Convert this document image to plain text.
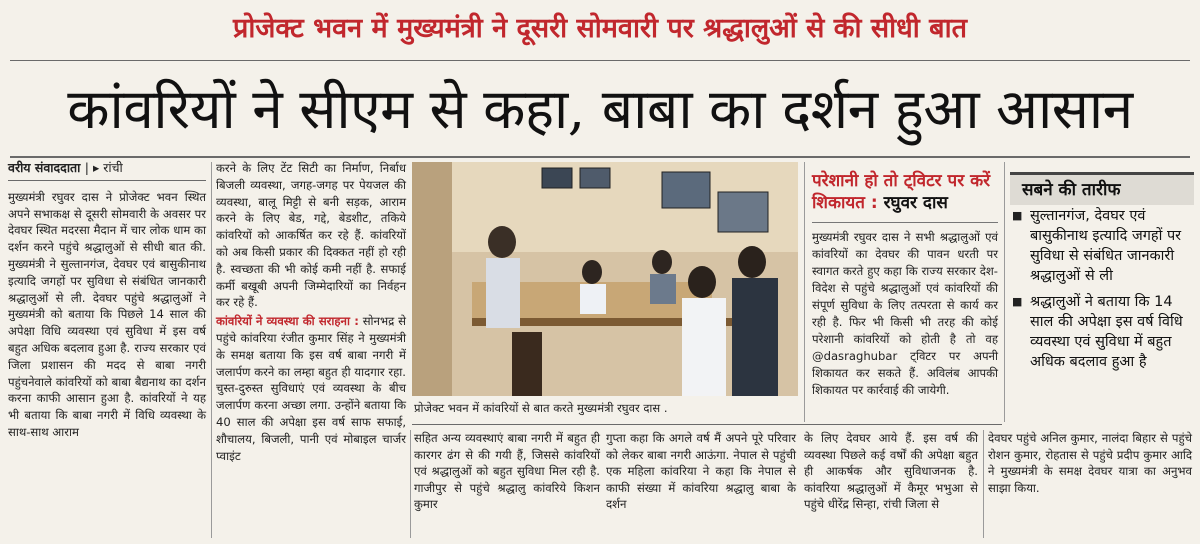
प्रोजेक्ट भवन में मुख्यमंत्री ने दूसरी सोमवारी पर श्रद्धालुओं से की सीधी बात
कांवरियों ने सीएम से कहा, बाबा का दर्शन हुआ आसान
वरीय संवाददाता | ▸ रांची

मुख्यमंत्री रघुवर दास ने प्रोजेक्ट भवन स्थित अपने सभाकक्ष से दूसरी सोमवारी के अवसर पर देवघर स्थित मदरसा मैदान में चार लोक धाम का दर्शन करने पहुंचे श्रद्धालुओं से सीधी बात की. मुख्यमंत्री ने सुल्तानगंज, देवघर एवं बासुकीनाथ इत्यादि जगहों पर सुविधा से संबंधित जानकारी श्रद्धालुओं से ली. देवघर पहुंचे श्रद्धालुओं ने मुख्यमंत्री को बताया कि पिछले 14 साल की अपेक्षा विधि व्यवस्था एवं सुविधा में इस वर्ष बहुत अधिक बदलाव हुआ है. राज्य सरकार एवं जिला प्रशासन की मदद से बाबा नगरी पहुंचनेवाले कांवरियों को बाबा बैद्यनाथ का दर्शन करना काफी आसान हुआ है. कांवरियों ने यह भी बताया कि बाबा नगरी में विधि व्यवस्था के साथ-साथ आराम

करने के लिए टेंट सिटी का निर्माण, निर्बाध बिजली व्यवस्था, जगह-जगह पर पेयजल की व्यवस्था, बालू मिट्टी से बनी सड़क, आराम करने के लिए बेड, गद्दे, बेडशीट, तकिये कांवरियों को आकर्षित कर रहे हैं. कांवरियों को अब किसी प्रकार की दिक्कत नहीं हो रही है. स्वच्छता की भी कोई कमी नहीं है. सफाई कर्मी बखूबी अपनी जिम्मेदारियों का निर्वहन कर रहे हैं.

कांवरियों ने व्यवस्था की सराहना : सोनभद्र से पहुंचे कांवरिया रंजीत कुमार सिंह ने मुख्यमंत्री के समक्ष बताया कि इस वर्ष बाबा नगरी में जलार्पण करने का लम्हा बहुत ही यादगार रहा. चुस्त-दुरुस्त सुविधाएं एवं व्यवस्था के बीच जलार्पण करना अच्छा लगा. उन्होंने बताया कि 40 साल की अपेक्षा इस वर्ष साफ सफाई, शौचालय, बिजली, पानी एवं मोबाइल चार्जर प्वाइंट

प्रोजेक्ट भवन में कांवरियों से बात करते मुख्यमंत्री रघुवर दास .
सहित अन्य व्यवस्थाएं बाबा नगरी में बहुत ही कारगर ढंग से की गयी हैं, जिससे कांवरियों एवं श्रद्धालुओं को बहुत सुविधा मिल रही है. गाजीपुर से पहुंचे श्रद्धालु कांवरिये किशन कुमार
गुप्ता कहा कि अगले वर्ष मैं अपने पूरे परिवार को लेकर बाबा नगरी आऊंगा. नेपाल से पहुंची एक महिला कांवरिया ने कहा कि नेपाल से काफी संख्या में कांवरिया श्रद्धालु बाबा के दर्शन
के लिए देवघर आये हैं. इस वर्ष की व्यवस्था पिछले कई वर्षों की अपेक्षा बहुत ही आकर्षक और सुविधाजनक है. कांवरिया श्रद्धालुओं में कैमूर भभुआ से पहुंचे धीरेंद्र सिन्हा, रांची जिला से
देवघर पहुंचे अनिल कुमार, नालंदा बिहार से पहुंचे रोशन कुमार, रोहतास से पहुंचे प्रदीप कुमार आदि ने मुख्यमंत्री के समक्ष देवघर यात्रा का अनुभव साझा किया.
परेशानी हो तो ट्विटर पर करें
शिकायत : रघुवर दास
मुख्यमंत्री रघुवर दास ने सभी श्रद्धालुओं एवं कांवरियों का देवघर की पावन धरती पर स्वागत करते हुए कहा कि राज्य सरकार देश-विदेश से पहुंचे श्रद्धालुओं एवं कांवरियों की संपूर्ण सुविधा के लिए तत्परता से कार्य कर रही है. फिर भी किसी भी तरह की कोई परेशानी कांवरियों को होती है तो वह @dasraghubar ट्विटर पर अपनी शिकायत कर सकते हैं. अविलंब आपकी शिकायत पर कार्रवाई की जायेगी.
सबने की तारीफ
■ सुल्तानगंज, देवघर एवं बासुकीनाथ इत्यादि जगहों पर सुविधा से संबंधित जानकारी श्रद्धालुओं से ली
■ श्रद्धालुओं ने बताया कि 14 साल की अपेक्षा इस वर्ष विधि व्यवस्था एवं सुविधा में बहुत अधिक बदलाव हुआ है
